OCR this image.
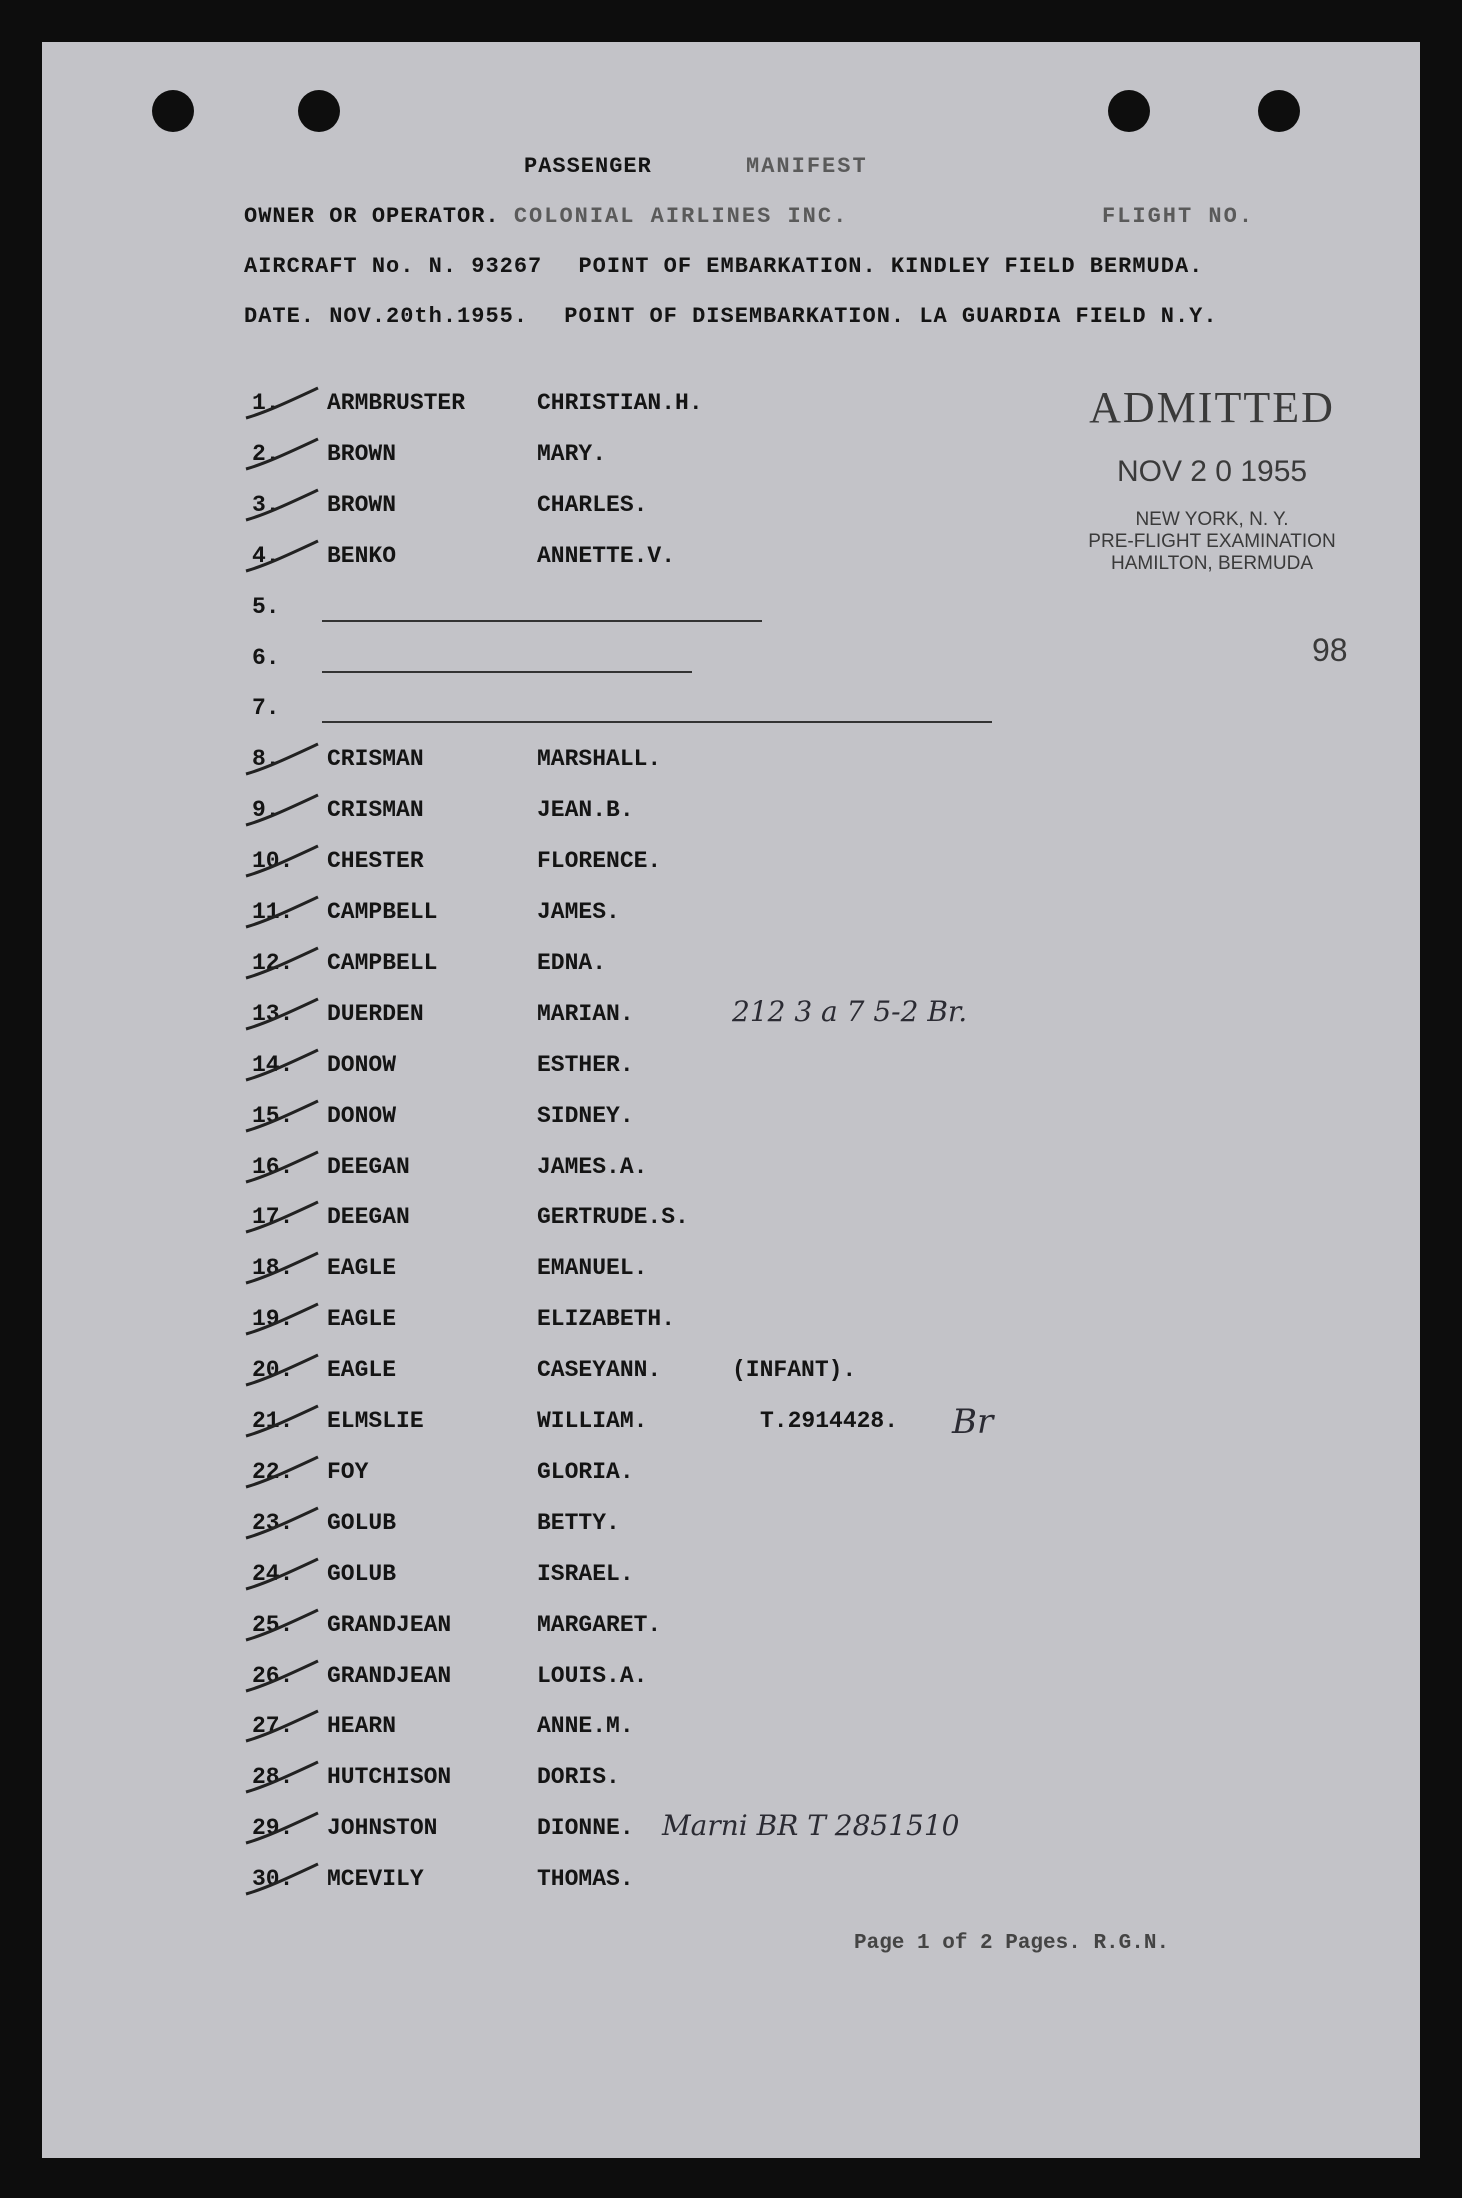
PASSENGER	MANIFEST
OWNER OR OPERATOR. COLONIAL AIRLINES INC.	FLIGHT NO.
AIRCRAFT No. N. 93267 POINT OF EMBARKATION. KINDLEY FIELD BERMUDA.
DATE. NOV.20th.1955. POINT OF DISEMBARKATION. LA GUARDIA FIELD N.Y.
ADMITTED
NOV 2 0 1955
NEW YORK, N. Y.
PRE-FLIGHT EXAMINATION
HAMILTON, BERMUDA
98
1.	ARMBRUSTER	CHRISTIAN.H.
2.	BROWN	MARY.
3.	BROWN	CHARLES.
4.	BENKO	ANNETTE.V.
5.
6.
7.
8.	CRISMAN	MARSHALL.
9.	CRISMAN	JEAN.B.
10.	CHESTER	FLORENCE.
11.	CAMPBELL	JAMES.
12.	CAMPBELL	EDNA.
13.	DUERDEN	MARIAN.	212 3 a 7 5-2 Br.
14.	DONOW	ESTHER.
15.	DONOW	SIDNEY.
16.	DEEGAN	JAMES.A.
17.	DEEGAN	GERTRUDE.S.
18.	EAGLE	EMANUEL.
19.	EAGLE	ELIZABETH.
20.	EAGLE	CASEYANN.	(INFANT).
21.	ELMSLIE	WILLIAM.	T.2914428. Br
22.	FOY	GLORIA.
23.	GOLUB	BETTY.
24.	GOLUB	ISRAEL.
25.	GRANDJEAN	MARGARET.
26.	GRANDJEAN	LOUIS.A.
27.	HEARN	ANNE.M.
28.	HUTCHISON	DORIS.
29.	JOHNSTON	DIONNE. Marni BR T 2851510
30.	MCEVILY	THOMAS.
Page 1 of 2 Pages. R.G.N.
